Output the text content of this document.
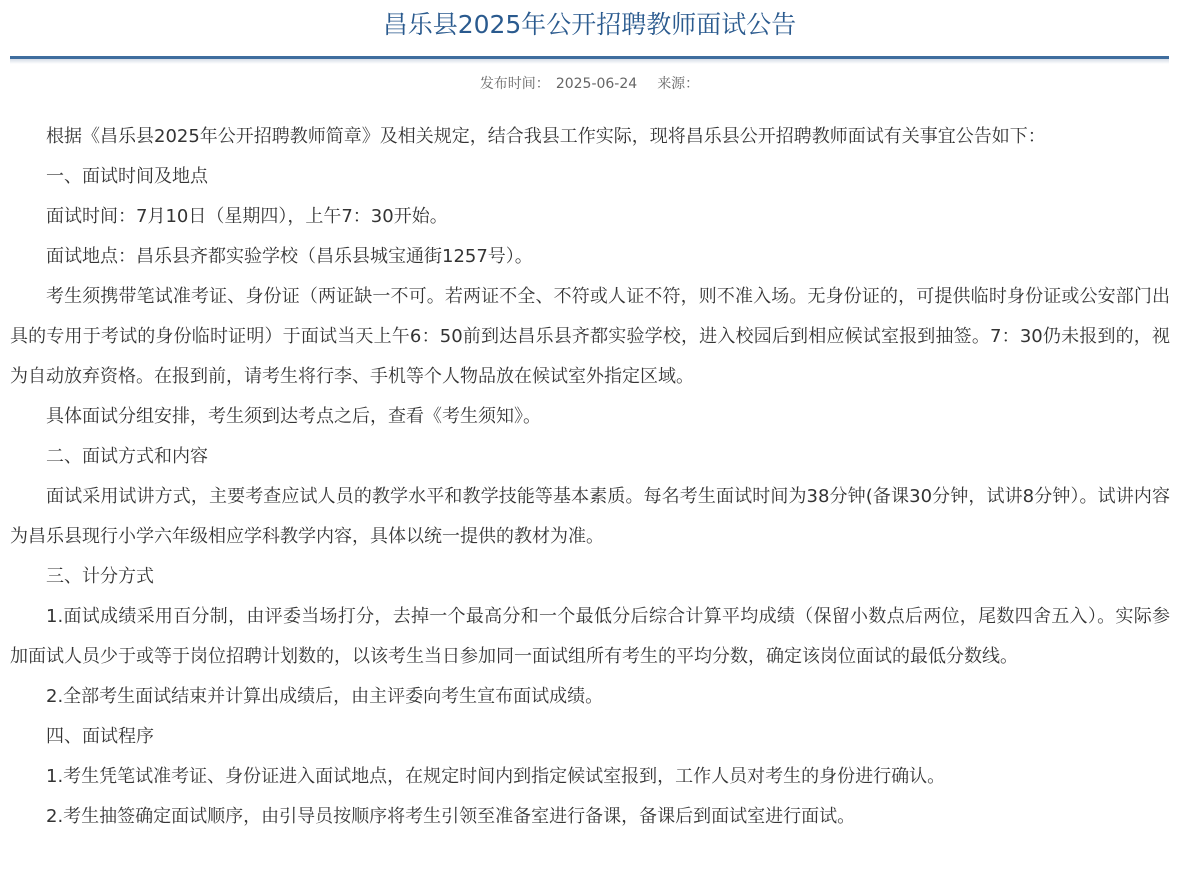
昌乐县2025年公开招聘教师面试公告
发布时间： 2025-06-24 来源：

根据《昌乐县2025年公开招聘教师简章》及相关规定，结合我县工作实际，现将昌乐县公开招聘教师面试有关事宜公告如下：

一、面试时间及地点

面试时间：7月10日（星期四），上午7：30开始。

面试地点：昌乐县齐都实验学校（昌乐县城宝通街1257号）。

考生须携带笔试准考证、身份证（两证缺一不可。若两证不全、不符或人证不符，则不准入场。无身份证的，可提供临时身份证或公安部门出具的专用于考试的身份临时证明）于面试当天上午6：50前到达昌乐县齐都实验学校，进入校园后到相应候试室报到抽签。7：30仍未报到的，视为自动放弃资格。在报到前，请考生将行李、手机等个人物品放在候试室外指定区域。

具体面试分组安排，考生须到达考点之后，查看《考生须知》。

二、面试方式和内容

面试采用试讲方式，主要考查应试人员的教学水平和教学技能等基本素质。每名考生面试时间为38分钟(备课30分钟，试讲8分钟）。试讲内容为昌乐县现行小学六年级相应学科教学内容，具体以统一提供的教材为准。

三、计分方式

1.面试成绩采用百分制，由评委当场打分，去掉一个最高分和一个最低分后综合计算平均成绩（保留小数点后两位，尾数四舍五入）。实际参加面试人员少于或等于岗位招聘计划数的，以该考生当日参加同一面试组所有考生的平均分数，确定该岗位面试的最低分数线。

2.全部考生面试结束并计算出成绩后，由主评委向考生宣布面试成绩。

四、面试程序

1.考生凭笔试准考证、身份证进入面试地点，在规定时间内到指定候试室报到，工作人员对考生的身份进行确认。

2.考生抽签确定面试顺序，由引导员按顺序将考生引领至准备室进行备课，备课后到面试室进行面试。
